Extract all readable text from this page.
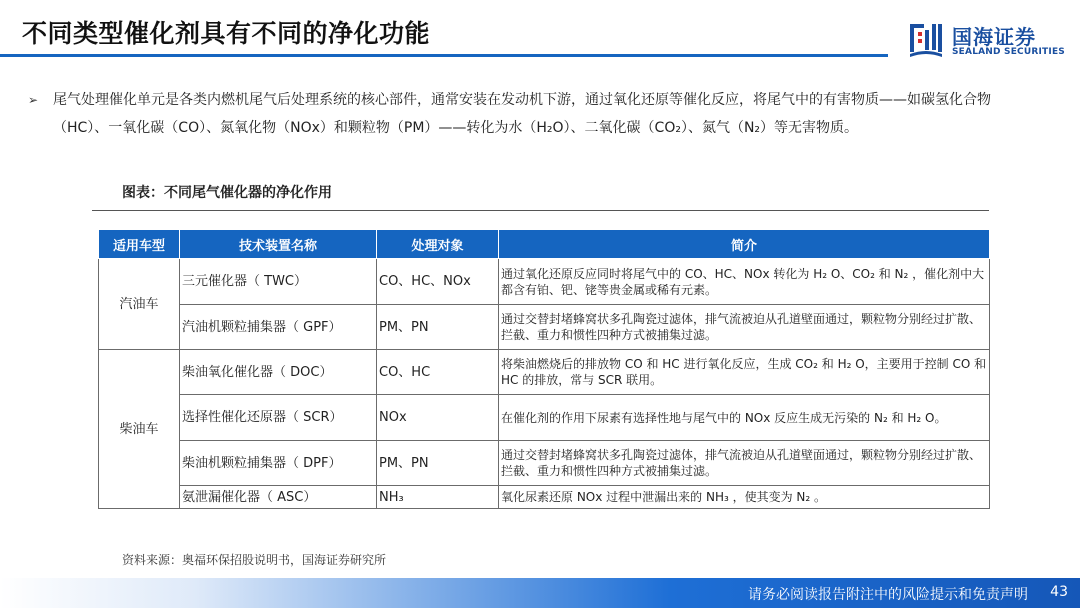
不同类型催化剂具有不同的净化功能	国海证券
SEALAND SECURITIES
➢ 尾气处理催化单元是各类内燃机尾气后处理系统的核心部件，通常安装在发动机下游，通过氧化还原等催化反应，将尾气中的有害物质——如碳氢化合物（HC）、一氧化碳（CO）、氮氧化物（NOx）和颗粒物（PM）——转化为水（H₂O）、二氧化碳（CO₂）、氮气（N₂）等无害物质。
图表：不同尾气催化器的净化作用
适用车型	技术装置名称	处理对象	简介
汽油车	三元催化器（ TWC）	CO、HC、NOx	通过氧化还原反应同时将尾气中的 CO、HC、NOx 转化为 H₂ O、CO₂ 和 N₂ ，催化剂中大都含有铂、钯、铑等贵金属或稀有元素。
	汽油机颗粒捕集器（ GPF）	PM、PN	通过交替封堵蜂窝状多孔陶瓷过滤体，排气流被迫从孔道壁面通过，颗粒物分别经过扩散、拦截、重力和惯性四种方式被捕集过滤。
柴油车	柴油氧化催化器（ DOC）	CO、HC	将柴油燃烧后的排放物 CO 和 HC 进行氧化反应，生成 CO₂ 和 H₂ O，主要用于控制 CO 和 HC 的排放，常与 SCR 联用。
	选择性催化还原器（ SCR）	NOx	在催化剂的作用下尿素有选择性地与尾气中的 NOx 反应生成无污染的 N₂ 和 H₂ O。
	柴油机颗粒捕集器（ DPF）	PM、PN	通过交替封堵蜂窝状多孔陶瓷过滤体，排气流被迫从孔道壁面通过，颗粒物分别经过扩散、拦截、重力和惯性四种方式被捕集过滤。
	氨泄漏催化器（ ASC）	NH₃	氧化尿素还原 NOx 过程中泄漏出来的 NH₃ ，使其变为 N₂ 。
资料来源：奥福环保招股说明书，国海证券研究所
请务必阅读报告附注中的风险提示和免责声明 43
